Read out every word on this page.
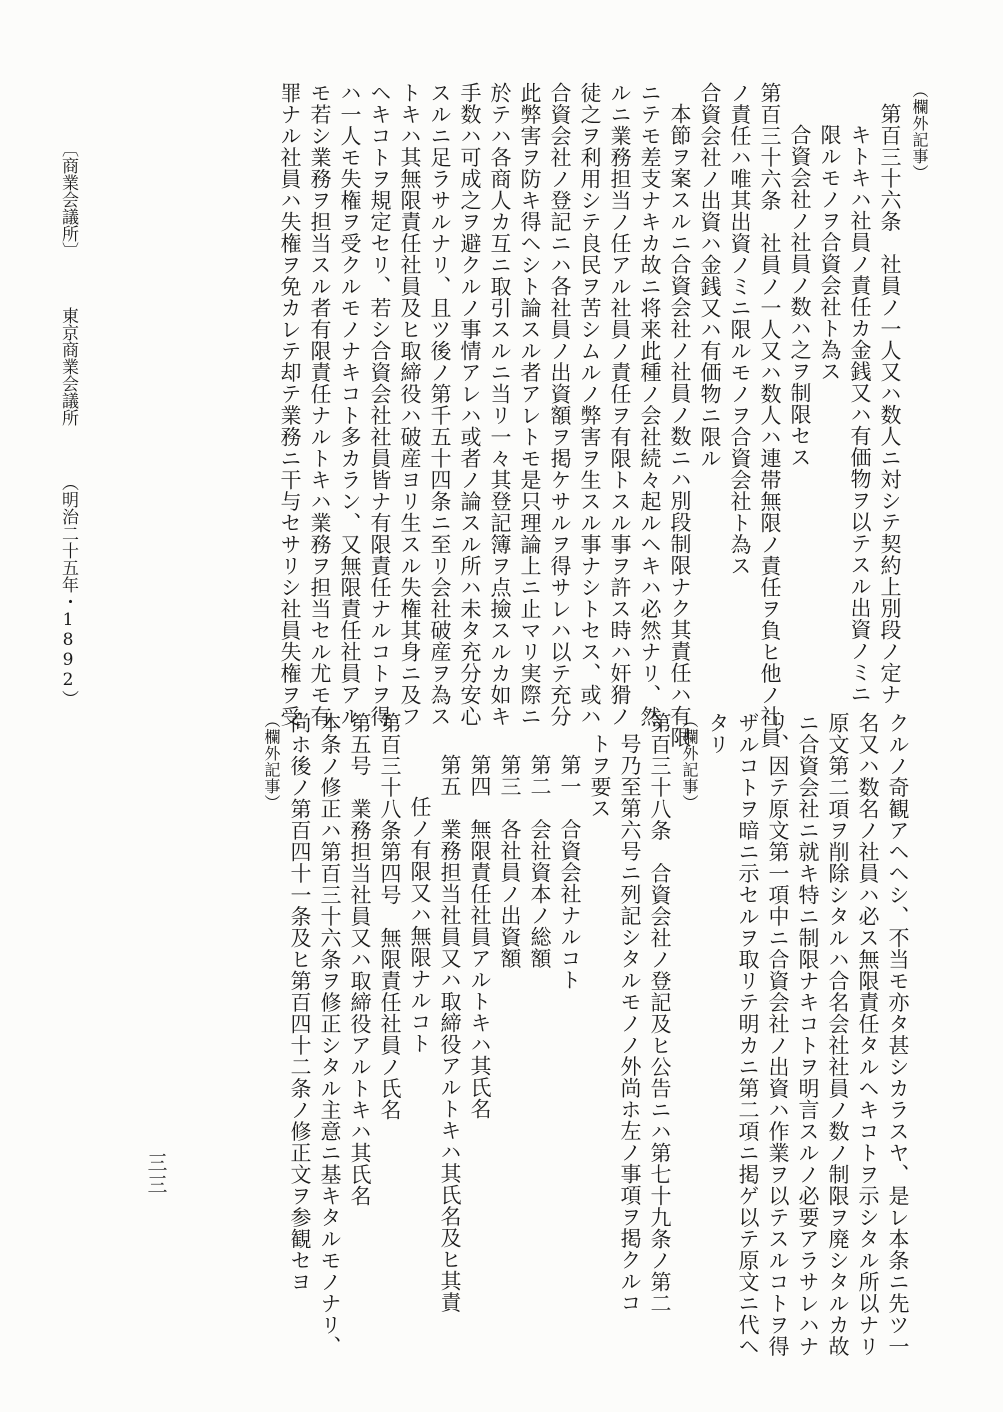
（欄外記事）
第百三十六条　社員ノ一人又ハ数人ニ対シテ契約上別段ノ定ナ
キトキハ社員ノ責任カ金銭又ハ有価物ヲ以テスル出資ノミニ
限ルモノヲ合資会社ト為ス
合資会社ノ社員ノ数ハ之ヲ制限セス
第百三十六条　社員ノ一人又ハ数人ハ連帯無限ノ責任ヲ負ヒ他ノ社員
ノ責任ハ唯其出資ノミニ限ルモノヲ合資会社ト為ス
合資会社ノ出資ハ金銭又ハ有価物ニ限ル
本節ヲ案スルニ合資会社ノ社員ノ数ニハ別段制限ナク其責任ハ有限
ニテモ差支ナキカ故ニ将来此種ノ会社続々起ルヘキハ必然ナリ、然
ルニ業務担当ノ任アル社員ノ責任ヲ有限トスル事ヲ許ス時ハ奸猾ノ
徒之ヲ利用シテ良民ヲ苦シムルノ弊害ヲ生スル事ナシトセス、或ハ
合資会社ノ登記ニハ各社員ノ出資額ヲ掲ケサルヲ得サレハ以テ充分
此弊害ヲ防キ得ヘシト論スル者アレトモ是只理論上ニ止マリ実際ニ
於テハ各商人カ互ニ取引スルニ当リ一々其登記簿ヲ点撿スルカ如キ
手数ハ可成之ヲ避クルノ事情アレハ或者ノ論スル所ハ未タ充分安心
スルニ足ラサルナリ、且ツ後ノ第千五十四条ニ至リ会社破産ヲ為ス
トキハ其無限責任社員及ヒ取締役ハ破産ヨリ生スル失権其身ニ及フ
ヘキコトヲ規定セリ、若シ合資会社社員皆ナ有限責任ナルコトヲ得
ハ一人モ失権ヲ受クルモノナキコト多カラン、又無限責任社員アル
モ若シ業務ヲ担当スル者有限責任ナルトキハ業務ヲ担当セル尤モ有
罪ナル社員ハ失権ヲ免カレテ却テ業務ニ干与セサリシ社員失権ヲ受
クルノ奇観アヘヘシ、不当モ亦タ甚シカラスヤ、是レ本条ニ先ツ一
名又ハ数名ノ社員ハ必ス無限責任タルヘキコトヲ示シタル所以ナリ
原文第二項ヲ削除シタルハ合名会社社員ノ数ノ制限ヲ廃シタルカ故
ニ合資会社ニ就キ特ニ制限ナキコトヲ明言スルノ必要アラサレハナ
リ、因テ原文第一項中ニ合資会社ノ出資ハ作業ヲ以テスルコトヲ得
ザルコトヲ暗ニ示セルヲ取リテ明カニ第二項ニ掲ゲ以テ原文ニ代ヘ
タリ
（欄外記事）
第百三十八条　合資会社ノ登記及ヒ公告ニハ第七十九条ノ第二
号乃至第六号ニ列記シタルモノノ外尚ホ左ノ事項ヲ掲クルコ
トヲ要ス
第一　合資会社ナルコト
第二　会社資本ノ総額
第三　各社員ノ出資額
第四　無限責任社員アルトキハ其氏名
第五　業務担当社員又ハ取締役アルトキハ其氏名及ヒ其責
任ノ有限又ハ無限ナルコト
第百三十八条第四号　無限責任社員ノ氏名
第五号　業務担当社員又ハ取締役アルトキハ其氏名
本条ノ修正ハ第百三十六条ヲ修正シタル主意ニ基キタルモノナリ、
尚ホ後ノ第百四十一条及ヒ第百四十二条ノ修正文ヲ参観セヨ
（欄外記事）
三三
〔商業会議所〕 東京商業会議所 （明治二十五年・1892）
